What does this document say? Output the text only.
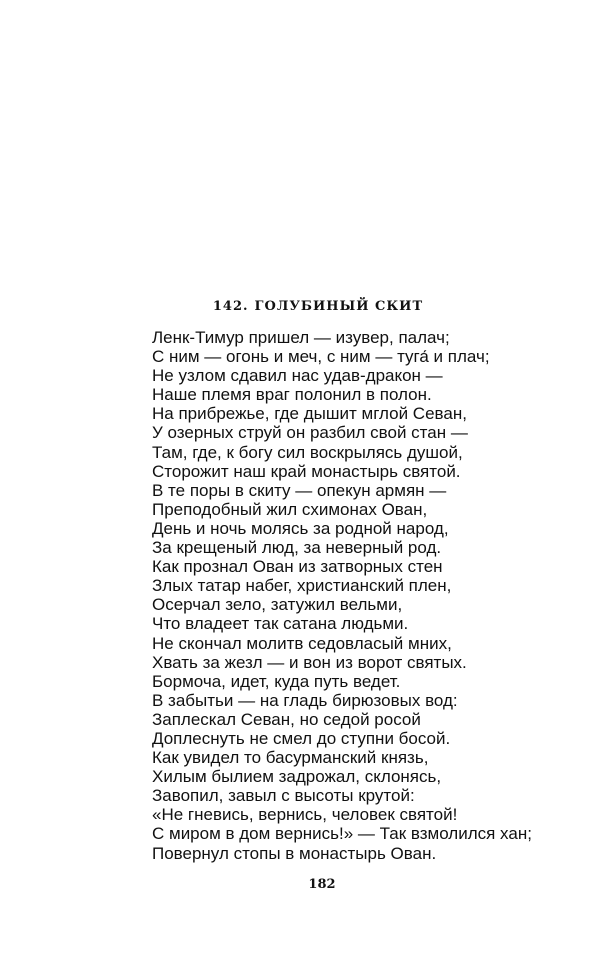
142. ГОЛУБИНЫЙ СКИТ
Ленк-Тимур пришел — изувер, палач;
С ним — огонь и меч, с ним — туга́ и плач;
Не узлом сдавил нас удав-дракон —
Наше племя враг полонил в полон.
На прибрежье, где дышит мглой Севан,
У озерных струй он разбил свой стан —
Там, где, к богу сил воскрылясь душой,
Сторожит наш край монастырь святой.
В те поры в скиту — опекун армян —
Преподобный жил схимонах Ован,
День и ночь молясь за родной народ,
За крещеный люд, за неверный род.
Как прознал Ован из затворных стен
Злых татар набег, христианский плен,
Осерчал зело, затужил вельми,
Что владеет так сатана людьми.
Не скончал молитв седовласый мних,
Хвать за жезл — и вон из ворот святых.
Бормоча, идет, куда путь ведет.
В забытьи — на гладь бирюзовых вод:
Заплескал Севан, но седой росой
Доплеснуть не смел до ступни босой.
Как увидел то басурманский князь,
Хилым былием задрожал, склонясь,
Завопил, завыл с высоты крутой:
«Не гневись, вернись, человек святой!
С миром в дом вернись!» — Так взмолился хан;
Повернул стопы в монастырь Ован.
182
